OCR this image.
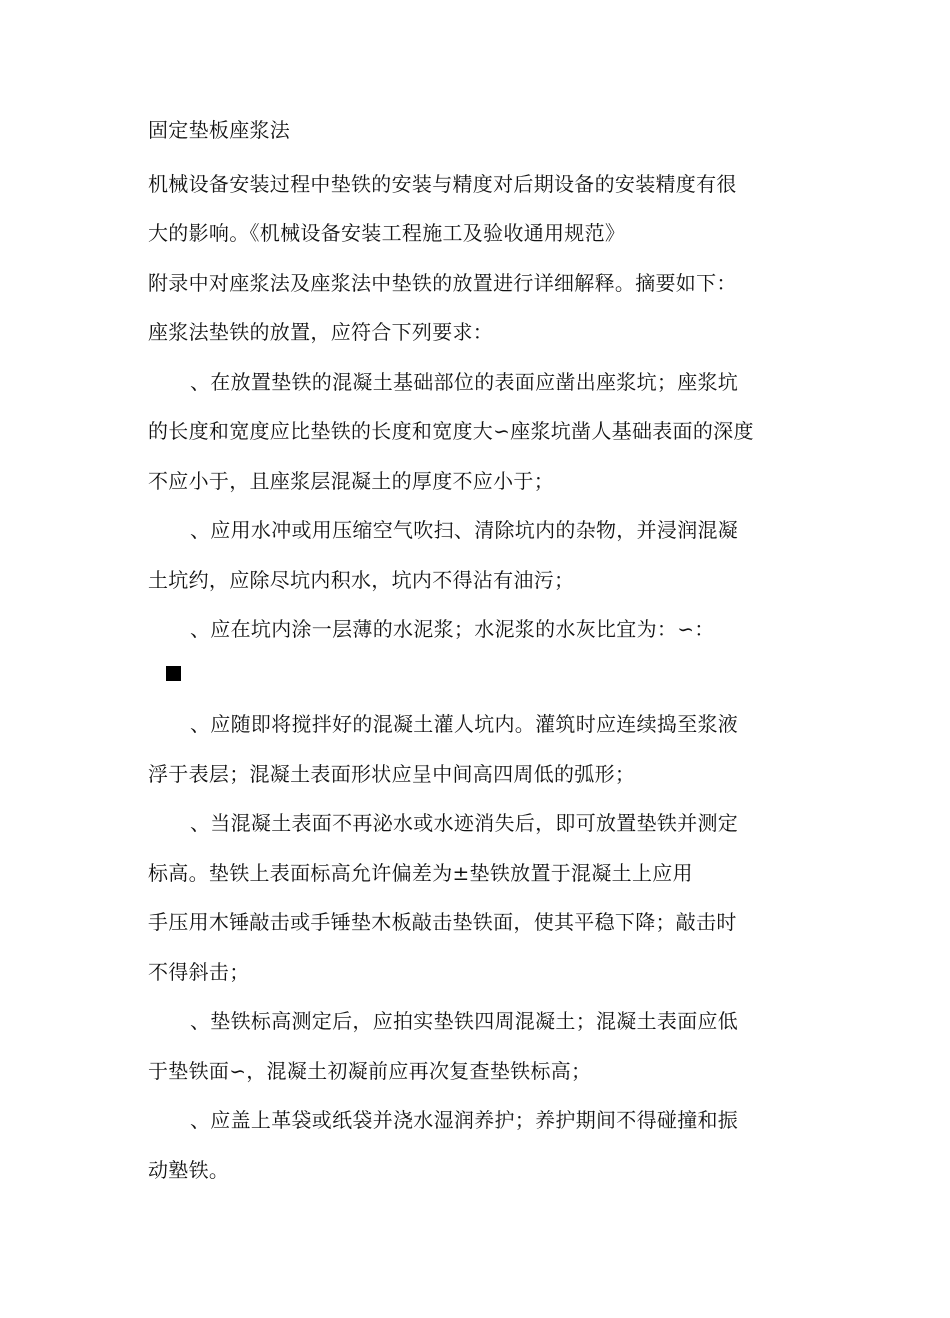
固定垫板座浆法
机械设备安装过程中垫铁的安装与精度对后期设备的安装精度有很
大的影响。《机械设备安装工程施工及验收通用规范》
附录中对座浆法及座浆法中垫铁的放置进行详细解释。摘要如下：
座浆法垫铁的放置，应符合下列要求：
、在放置垫铁的混凝土基础部位的表面应凿出座浆坑；座浆坑
的长度和宽度应比垫铁的长度和宽度大∽座浆坑凿人基础表面的深度
不应小于，且座浆层混凝土的厚度不应小于；
、应用水冲或用压缩空气吹扫、清除坑内的杂物，并浸润混凝
土坑约，应除尽坑内积水，坑内不得沾有油污；
、应在坑内涂一层薄的水泥浆；水泥浆的水灰比宜为：∽：
、应随即将搅拌好的混凝土灌人坑内。灌筑时应连续捣至浆液
浮于表层；混凝土表面形状应呈中间高四周低的弧形；
、当混凝土表面不再泌水或水迹消失后，即可放置垫铁并测定
标高。垫铁上表面标高允许偏差为±垫铁放置于混凝土上应用
手压用木锤敲击或手锤垫木板敲击垫铁面，使其平稳下降；敲击时
不得斜击；
、垫铁标高测定后，应拍实垫铁四周混凝土；混凝土表面应低
于垫铁面∽，混凝土初凝前应再次复查垫铁标高；
、应盖上革袋或纸袋并浇水湿润养护；养护期间不得碰撞和振
动塾铁。
